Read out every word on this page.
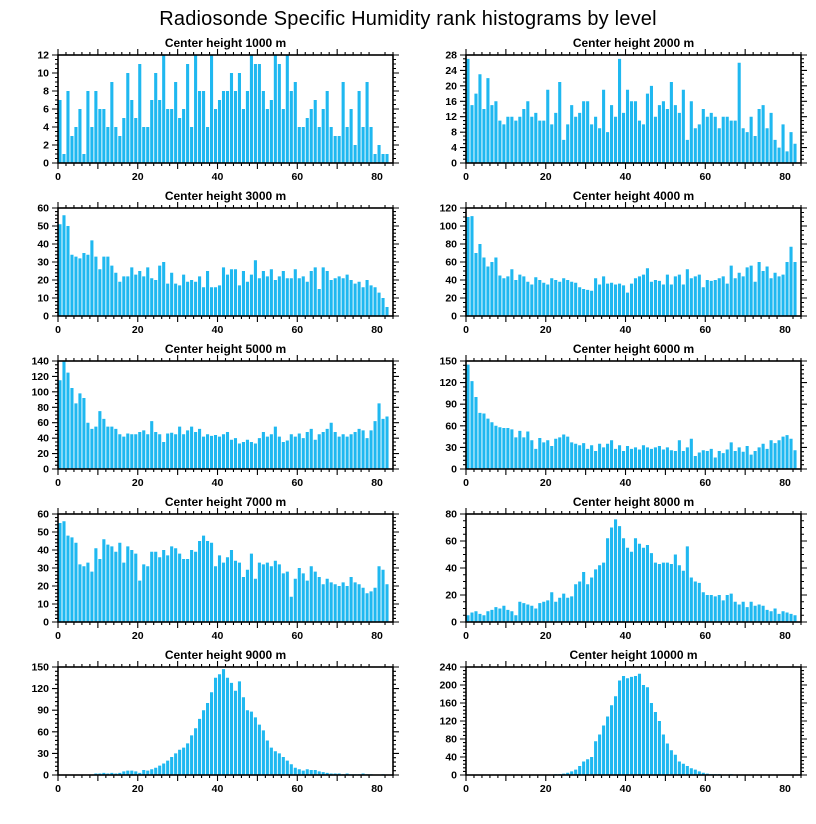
Radiosonde Specific Humidity rank histograms by level
Center height 1000 m
0
2
4
6
8
10
12
0	20	40	60	80
Center height 2000 m
0
4
8
12
16
20
24
28
0	20	40	60	80
Center height 3000 m
0
10
20
30
40
50
60
0	20	40	60	80
Center height 4000 m
0
20
40
60
80
100
120
0	20	40	60	80
Center height 5000 m
0
20
40
60
80
100
120
140
0	20	40	60	80
Center height 6000 m
0
30
60
90
120
150
0	20	40	60	80
Center height 7000 m
0
10
20
30
40
50
60
0	20	40	60	80
Center height 8000 m
0
20
40
60
80
0	20	40	60	80
Center height 9000 m
0
30
60
90
120
150
0	20	40	60	80
Center height 10000 m
0
40
80
120
160
200
240
0	20	40	60	80
